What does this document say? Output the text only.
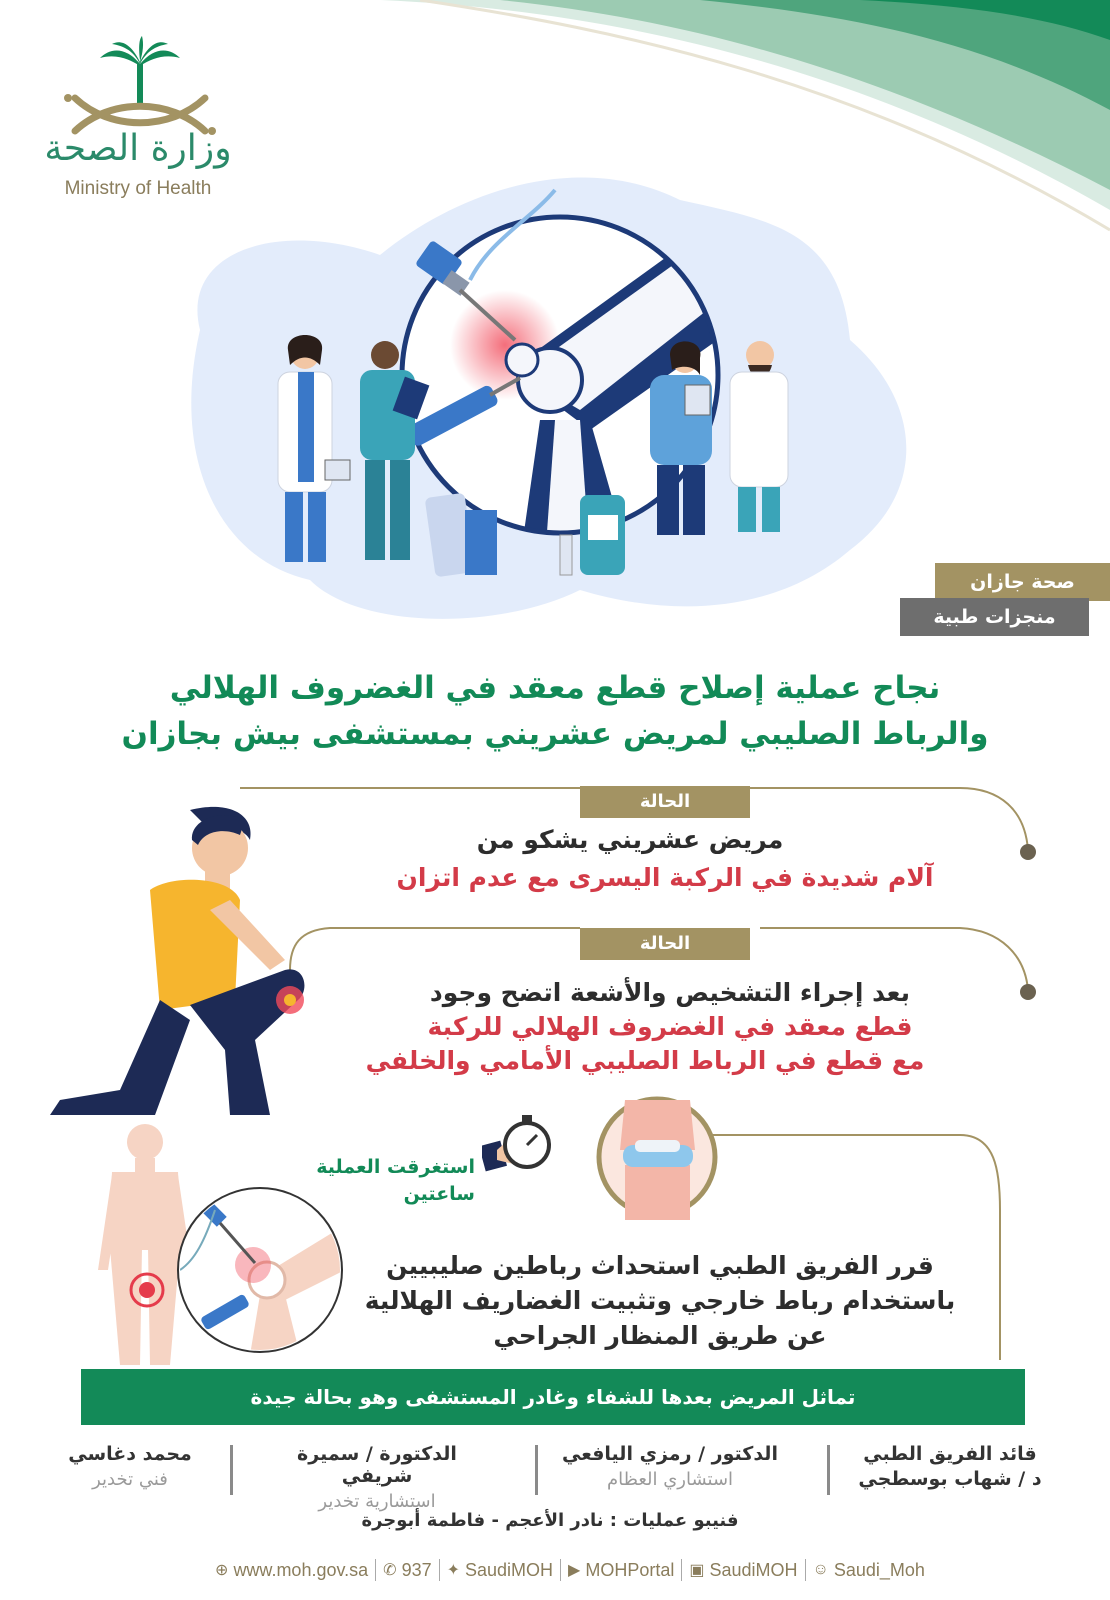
وزارة الصحة
Ministry of Health
صحة جازان
منجزات طبية
نجاح عملية إصلاح قطع معقد في الغضروف الهلالي
والرباط الصليبي لمريض عشريني بمستشفى بيش بجازان
الحالة
مريض عشريني يشكو من
آلام شديدة في الركبة اليسرى مع عدم اتزان
الحالة
بعد إجراء التشخيص والأشعة اتضح وجود
قطع معقد في الغضروف الهلالي للركبة
مع قطع في الرباط الصليبي الأمامي والخلفي
استغرقت العملية
ساعتين
قرر الفريق الطبي استحداث رباطين صليبيين
باستخدام رباط خارجي وتثبيت الغضاريف الهلالية
عن طريق المنظار الجراحي
تماثل المريض بعدها للشفاء وغادر المستشفى وهو بحالة جيدة
قائد الفريق الطبي
د / شهاب بوسطجي
الدكتور / رمزي اليافعي
استشاري العظام
الدكتورة / سميرة شريفي
استشارية تخدير
محمد دغاسي
فني تخدير
فنيبو عمليات : نادر الأعجم - فاطمة أبوجرة
⊕ www.moh.gov.sa ✆ 937 ✦ SaudiMOH ▶ MOHPortal ▣ SaudiMOH ☺ Saudi_Moh
